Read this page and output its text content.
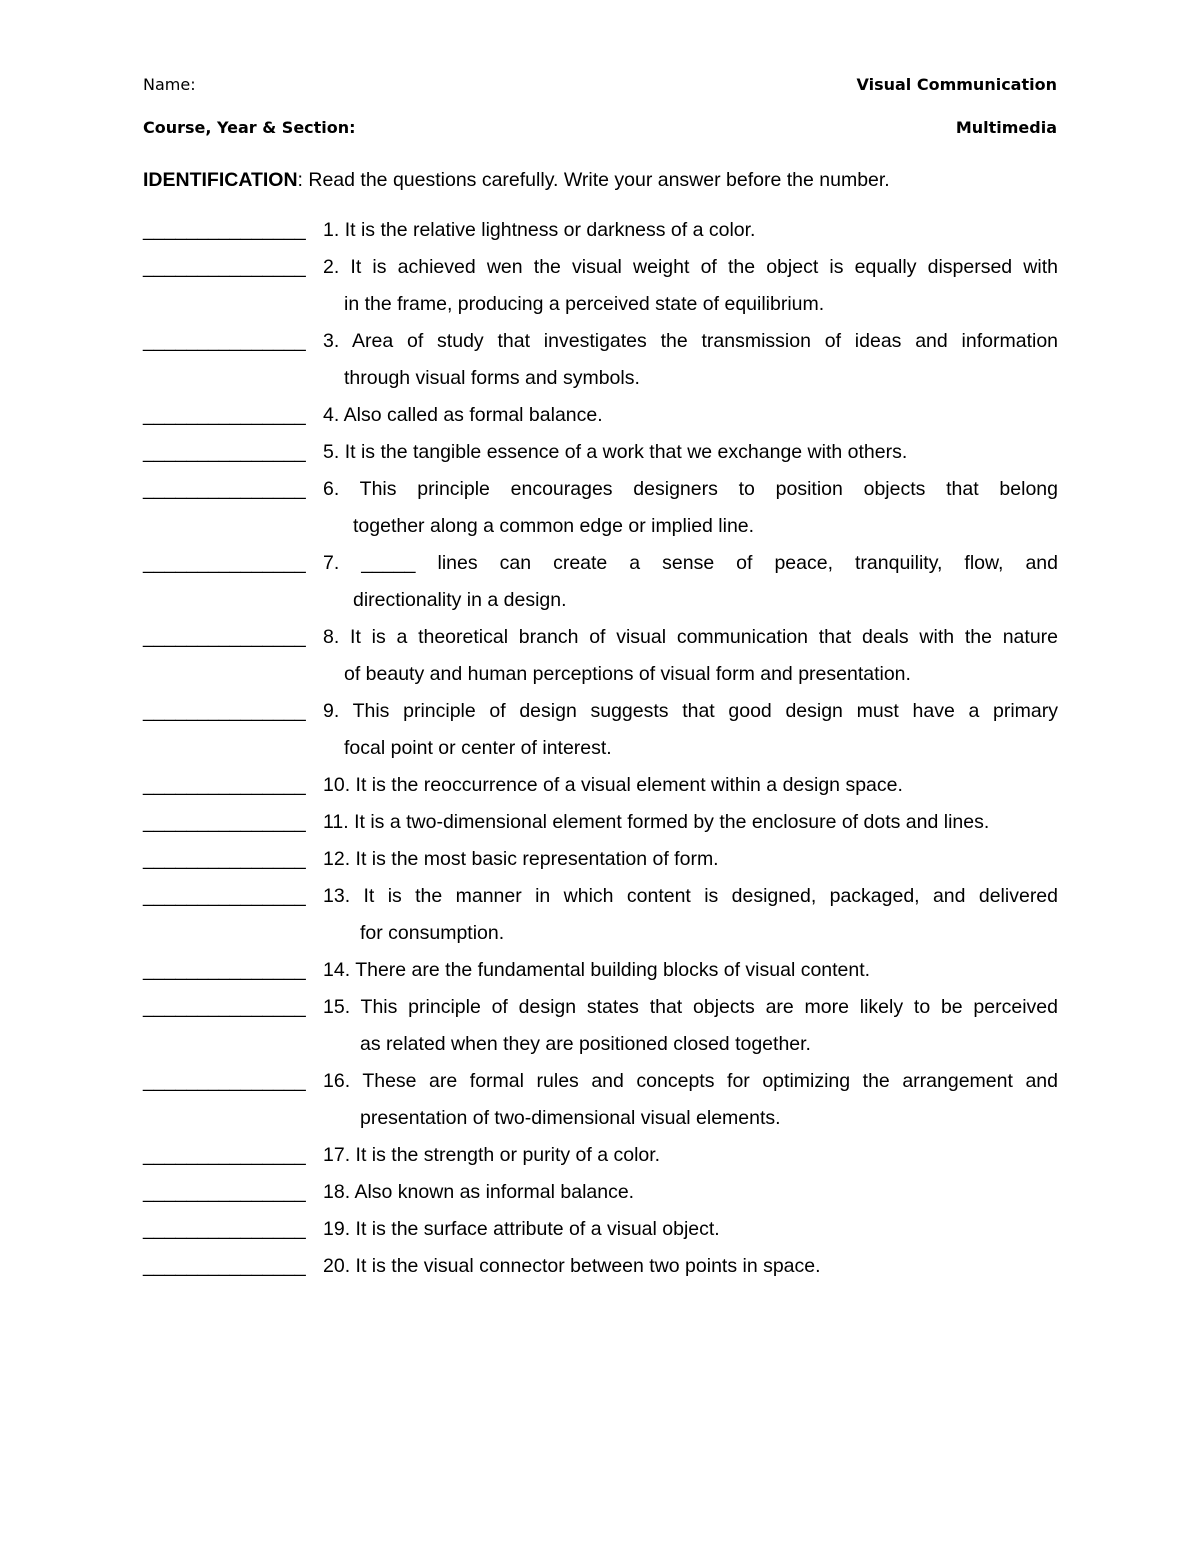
Name:	Visual Communication
Course, Year & Section:	Multimedia
IDENTIFICATION: Read the questions carefully. Write your answer before the number.
_______________ 1. It is the relative lightness or darkness of a color.
_______________ 2. It is achieved wen the visual weight of the object is equally dispersed with
in the frame, producing a perceived state of equilibrium.
_______________ 3. Area of study that investigates the transmission of ideas and information
through visual forms and symbols.
_______________ 4. Also called as formal balance.
_______________ 5. It is the tangible essence of a work that we exchange with others.
_______________ 6. This principle encourages designers to position objects that belong
together along a common edge or implied line.
_______________ 7. _____ lines can create a sense of peace, tranquility, flow, and
directionality in a design.
_______________ 8. It is a theoretical branch of visual communication that deals with the nature
of beauty and human perceptions of visual form and presentation.
_______________ 9. This principle of design suggests that good design must have a primary
focal point or center of interest.
_______________ 10. It is the reoccurrence of a visual element within a design space.
_______________ 11. It is a two-dimensional element formed by the enclosure of dots and lines.
_______________ 12. It is the most basic representation of form.
_______________ 13. It is the manner in which content is designed, packaged, and delivered
for consumption.
_______________ 14. There are the fundamental building blocks of visual content.
_______________ 15. This principle of design states that objects are more likely to be perceived
as related when they are positioned closed together.
_______________ 16. These are formal rules and concepts for optimizing the arrangement and
presentation of two-dimensional visual elements.
_______________ 17. It is the strength or purity of a color.
_______________ 18. Also known as informal balance.
_______________ 19. It is the surface attribute of a visual object.
_______________ 20. It is the visual connector between two points in space.
